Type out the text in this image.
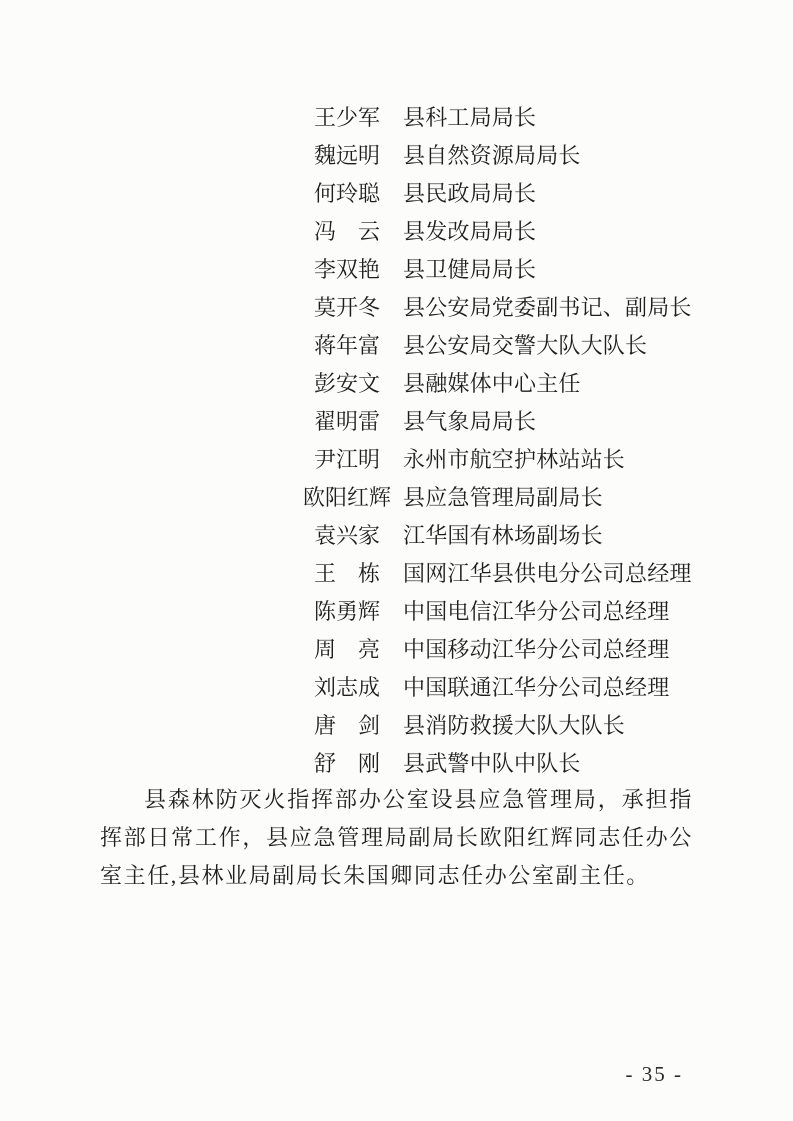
王少军	县科工局局长
魏远明	县自然资源局局长
何玲聪	县民政局局长
冯　云	县发改局局长
李双艳	县卫健局局长
莫开冬	县公安局党委副书记、副局长
蒋年富	县公安局交警大队大队长
彭安文	县融媒体中心主任
翟明雷	县气象局局长
尹江明	永州市航空护林站站长
欧阳红辉 县应急管理局副局长
袁兴家	江华国有林场副场长
王　栋	国网江华县供电分公司总经理
陈勇辉	中国电信江华分公司总经理
周　亮	中国移动江华分公司总经理
刘志成	中国联通江华分公司总经理
唐　剑	县消防救援大队大队长
舒　刚	县武警中队中队长

县森林防灭火指挥部办公室设县应急管理局，承担指挥部日常工作，县应急管理局副局长欧阳红辉同志任办公室主任,县林业局副局长朱国卿同志任办公室副主任。

- 35 -
